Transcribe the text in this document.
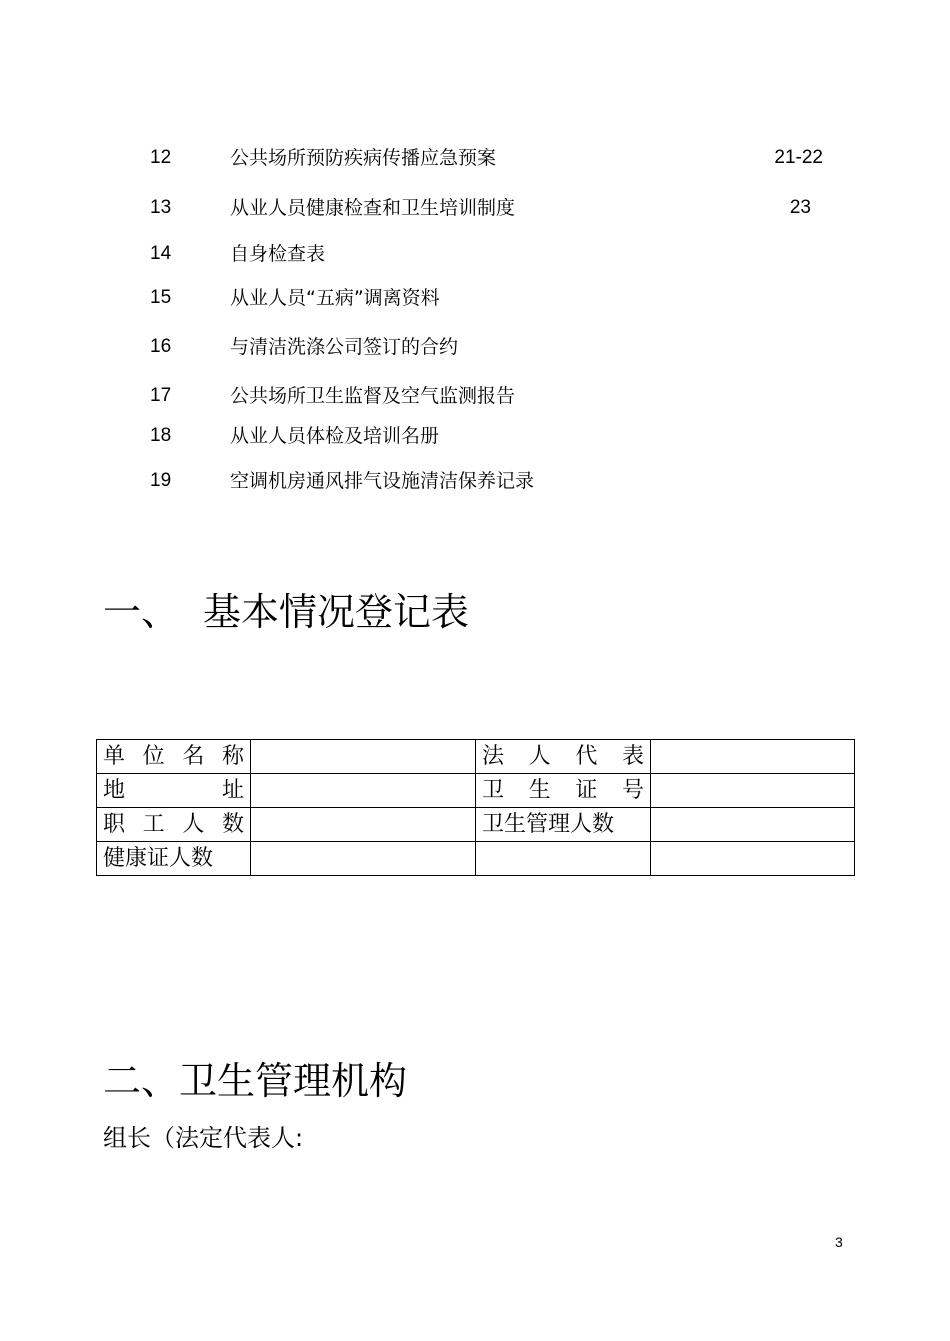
12	公共场所预防疾病传播应急预案	21-22
13	从业人员健康检查和卫生培训制度	23
14	自身检查表
15	从业人员“五病”调离资料
16	与清洁洗涤公司签订的合约
17	公共场所卫生监督及空气监测报告
18	从业人员体检及培训名册
19	空调机房通风排气设施清洁保养记录
一、 基本情况登记表
单 位 名 称		法 人 代 表	

地 址		卫 生 证 号	

职 工 人 数		卫生管理人数	
健康证人数			
二、卫生管理机构
组长（法定代表人:
3
